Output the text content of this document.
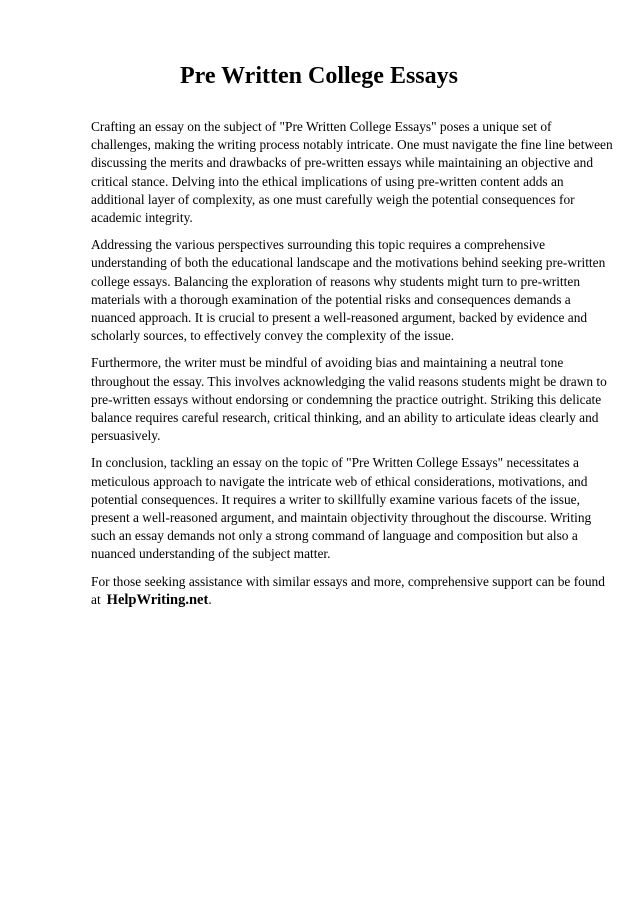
Pre Written College Essays

Crafting an essay on the subject of "Pre Written College Essays" poses a unique set of
challenges, making the writing process notably intricate. One must navigate the fine line between
discussing the merits and drawbacks of pre-written essays while maintaining an objective and
critical stance. Delving into the ethical implications of using pre-written content adds an
additional layer of complexity, as one must carefully weigh the potential consequences for
academic integrity.

Addressing the various perspectives surrounding this topic requires a comprehensive
understanding of both the educational landscape and the motivations behind seeking pre-written
college essays. Balancing the exploration of reasons why students might turn to pre-written
materials with a thorough examination of the potential risks and consequences demands a
nuanced approach. It is crucial to present a well-reasoned argument, backed by evidence and
scholarly sources, to effectively convey the complexity of the issue.

Furthermore, the writer must be mindful of avoiding bias and maintaining a neutral tone
throughout the essay. This involves acknowledging the valid reasons students might be drawn to
pre-written essays without endorsing or condemning the practice outright. Striking this delicate
balance requires careful research, critical thinking, and an ability to articulate ideas clearly and
persuasively.

In conclusion, tackling an essay on the topic of "Pre Written College Essays" necessitates a
meticulous approach to navigate the intricate web of ethical considerations, motivations, and
potential consequences. It requires a writer to skillfully examine various facets of the issue,
present a well-reasoned argument, and maintain objectivity throughout the discourse. Writing
such an essay demands not only a strong command of language and composition but also a
nuanced understanding of the subject matter.

For those seeking assistance with similar essays and more, comprehensive support can be found
at HelpWriting.net.
